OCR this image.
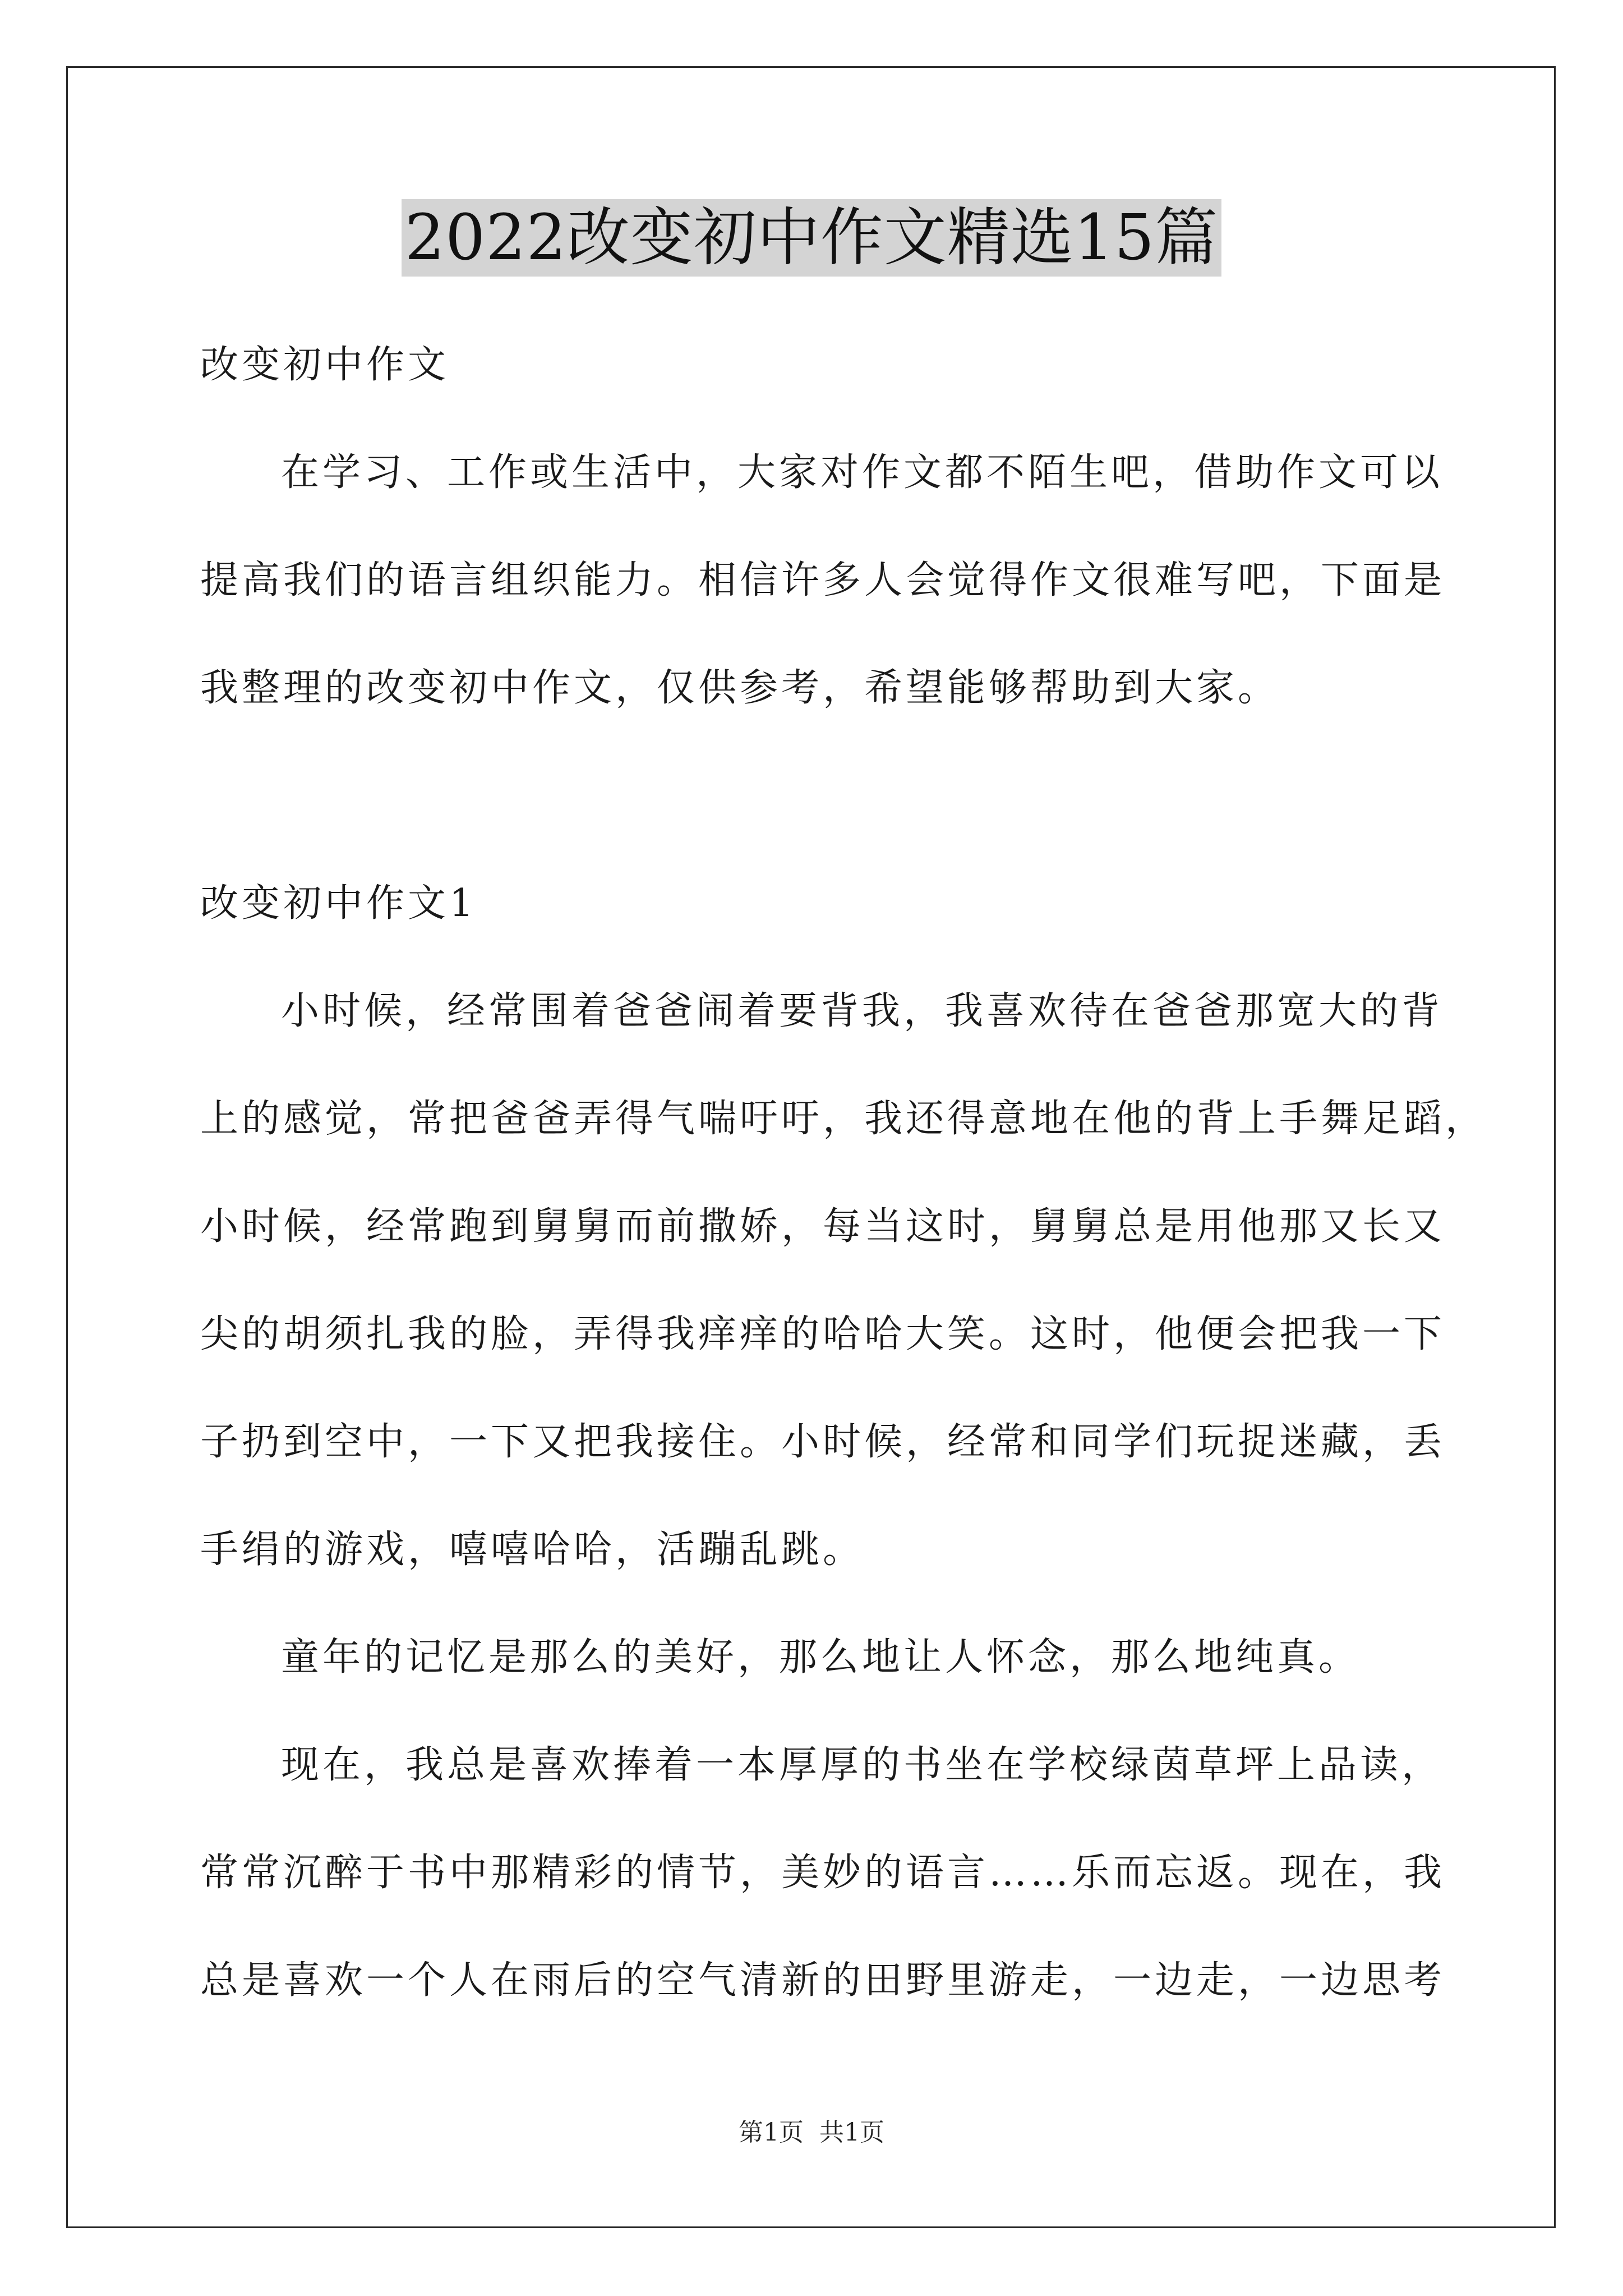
2022改变初中作文精选15篇
改变初中作文
在学习、工作或生活中，大家对作文都不陌生吧，借助作文可以
提高我们的语言组织能力。相信许多人会觉得作文很难写吧，下面是
我整理的改变初中作文，仅供参考，希望能够帮助到大家。
改变初中作文1
小时候，经常围着爸爸闹着要背我，我喜欢待在爸爸那宽大的背
上的感觉，常把爸爸弄得气喘吁吁，我还得意地在他的背上手舞足蹈，
小时候，经常跑到舅舅而前撒娇，每当这时，舅舅总是用他那又长又
尖的胡须扎我的脸，弄得我痒痒的哈哈大笑。这时，他便会把我一下
子扔到空中，一下又把我接住。小时候，经常和同学们玩捉迷藏，丢
手绢的游戏，嘻嘻哈哈，活蹦乱跳。
童年的记忆是那么的美好，那么地让人怀念，那么地纯真。
现在，我总是喜欢捧着一本厚厚的书坐在学校绿茵草坪上品读，
常常沉醉于书中那精彩的情节，美妙的语言……乐而忘返。现在，我
总是喜欢一个人在雨后的空气清新的田野里游走，一边走，一边思考
第1页 共1页
